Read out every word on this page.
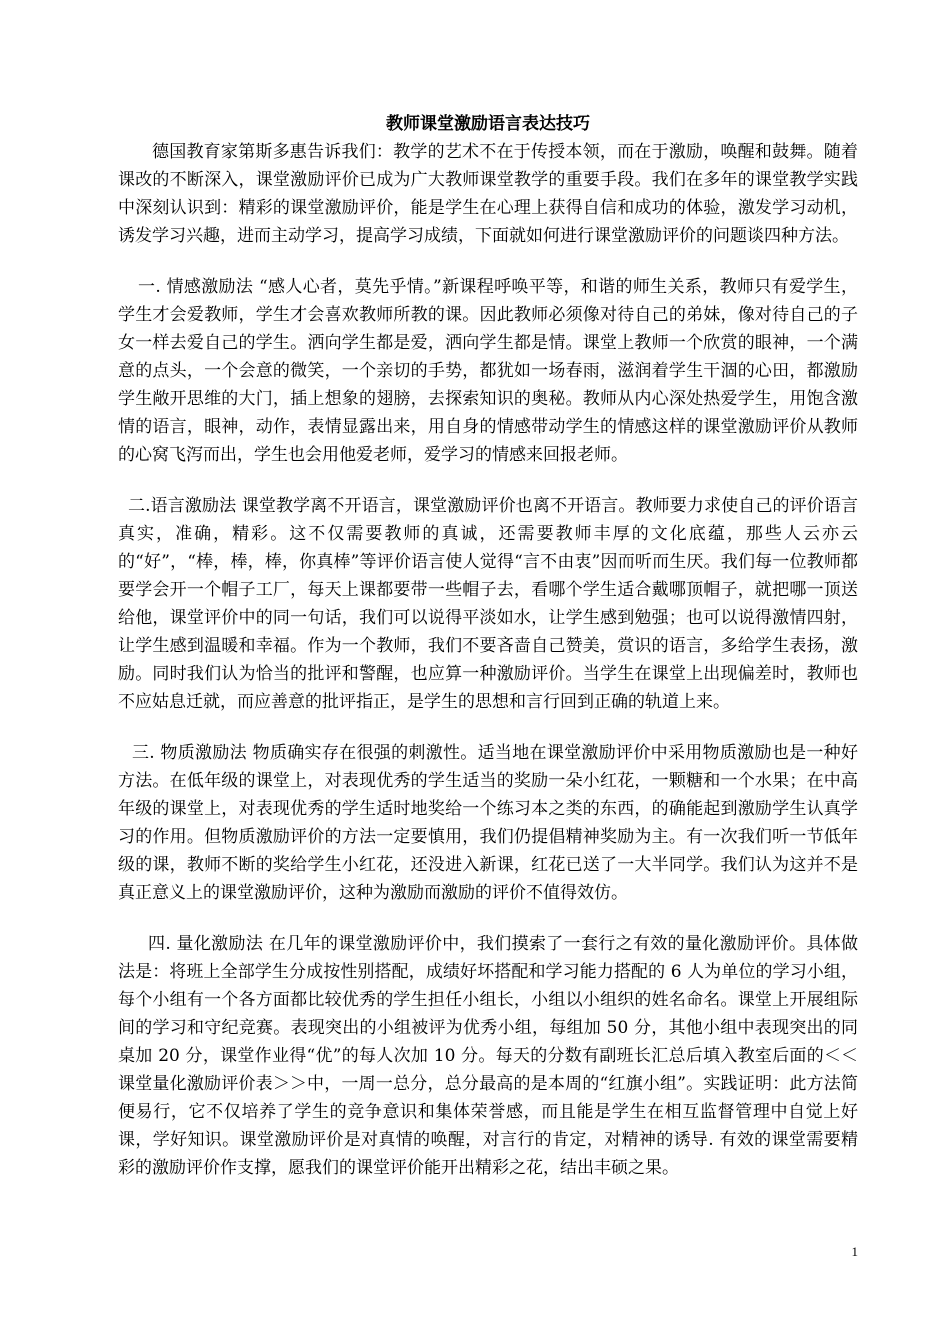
教师课堂激励语言表达技巧

德国教育家第斯多惠告诉我们：教学的艺术不在于传授本领，而在于激励，唤醒和鼓舞。随着课改的不断深入，课堂激励评价已成为广大教师课堂教学的重要手段。我们在多年的课堂教学实践中深刻认识到：精彩的课堂激励评价，能是学生在心理上获得自信和成功的体验，激发学习动机，诱发学习兴趣，进而主动学习，提高学习成绩，下面就如何进行课堂激励评价的问题谈四种方法。

一. 情感激励法 “感人心者，莫先乎情。”新课程呼唤平等，和谐的师生关系，教师只有爱学生，学生才会爱教师，学生才会喜欢教师所教的课。因此教师必须像对待自己的弟妹，像对待自己的子女一样去爱自己的学生。洒向学生都是爱，洒向学生都是情。课堂上教师一个欣赏的眼神，一个满意的点头，一个会意的微笑，一个亲切的手势，都犹如一场春雨，滋润着学生干涸的心田，都激励学生敞开思维的大门，插上想象的翅膀，去探索知识的奥秘。教师从内心深处热爱学生，用饱含激情的语言，眼神，动作，表情显露出来，用自身的情感带动学生的情感这样的课堂激励评价从教师的心窝飞泻而出，学生也会用他爱老师，爱学习的情感来回报老师。

二.语言激励法 课堂教学离不开语言，课堂激励评价也离不开语言。教师要力求使自己的评价语言真实，准确，精彩。这不仅需要教师的真诚，还需要教师丰厚的文化底蕴，那些人云亦云的“好”，“棒，棒，棒，你真棒”等评价语言使人觉得“言不由衷”因而听而生厌。我们每一位教师都要学会开一个帽子工厂，每天上课都要带一些帽子去，看哪个学生适合戴哪顶帽子，就把哪一顶送给他，课堂评价中的同一句话，我们可以说得平淡如水，让学生感到勉强；也可以说得激情四射，让学生感到温暖和幸福。作为一个教师，我们不要吝啬自己赞美，赏识的语言，多给学生表扬，激励。同时我们认为恰当的批评和警醒，也应算一种激励评价。当学生在课堂上出现偏差时，教师也不应姑息迁就，而应善意的批评指正，是学生的思想和言行回到正确的轨道上来。

三. 物质激励法 物质确实存在很强的刺激性。适当地在课堂激励评价中采用物质激励也是一种好方法。在低年级的课堂上，对表现优秀的学生适当的奖励一朵小红花，一颗糖和一个水果；在中高年级的课堂上，对表现优秀的学生适时地奖给一个练习本之类的东西，的确能起到激励学生认真学习的作用。但物质激励评价的方法一定要慎用，我们仍提倡精神奖励为主。有一次我们听一节低年级的课，教师不断的奖给学生小红花，还没进入新课，红花已送了一大半同学。我们认为这并不是真正意义上的课堂激励评价，这种为激励而激励的评价不值得效仿。

四. 量化激励法 在几年的课堂激励评价中，我们摸索了一套行之有效的量化激励评价。具体做法是：将班上全部学生分成按性别搭配，成绩好坏搭配和学习能力搭配的 6 人为单位的学习小组，每个小组有一个各方面都比较优秀的学生担任小组长，小组以小组织的姓名命名。课堂上开展组际间的学习和守纪竞赛。表现突出的小组被评为优秀小组，每组加 50 分，其他小组中表现突出的同桌加 20 分，课堂作业得“优”的每人次加 10 分。每天的分数有副班长汇总后填入教室后面的＜＜课堂量化激励评价表＞＞中，一周一总分，总分最高的是本周的“红旗小组”。实践证明：此方法简便易行，它不仅培养了学生的竞争意识和集体荣誉感，而且能是学生在相互监督管理中自觉上好课，学好知识。课堂激励评价是对真情的唤醒，对言行的肯定，对精神的诱导. 有效的课堂需要精彩的激励评价作支撑，愿我们的课堂评价能开出精彩之花，结出丰硕之果。

1
